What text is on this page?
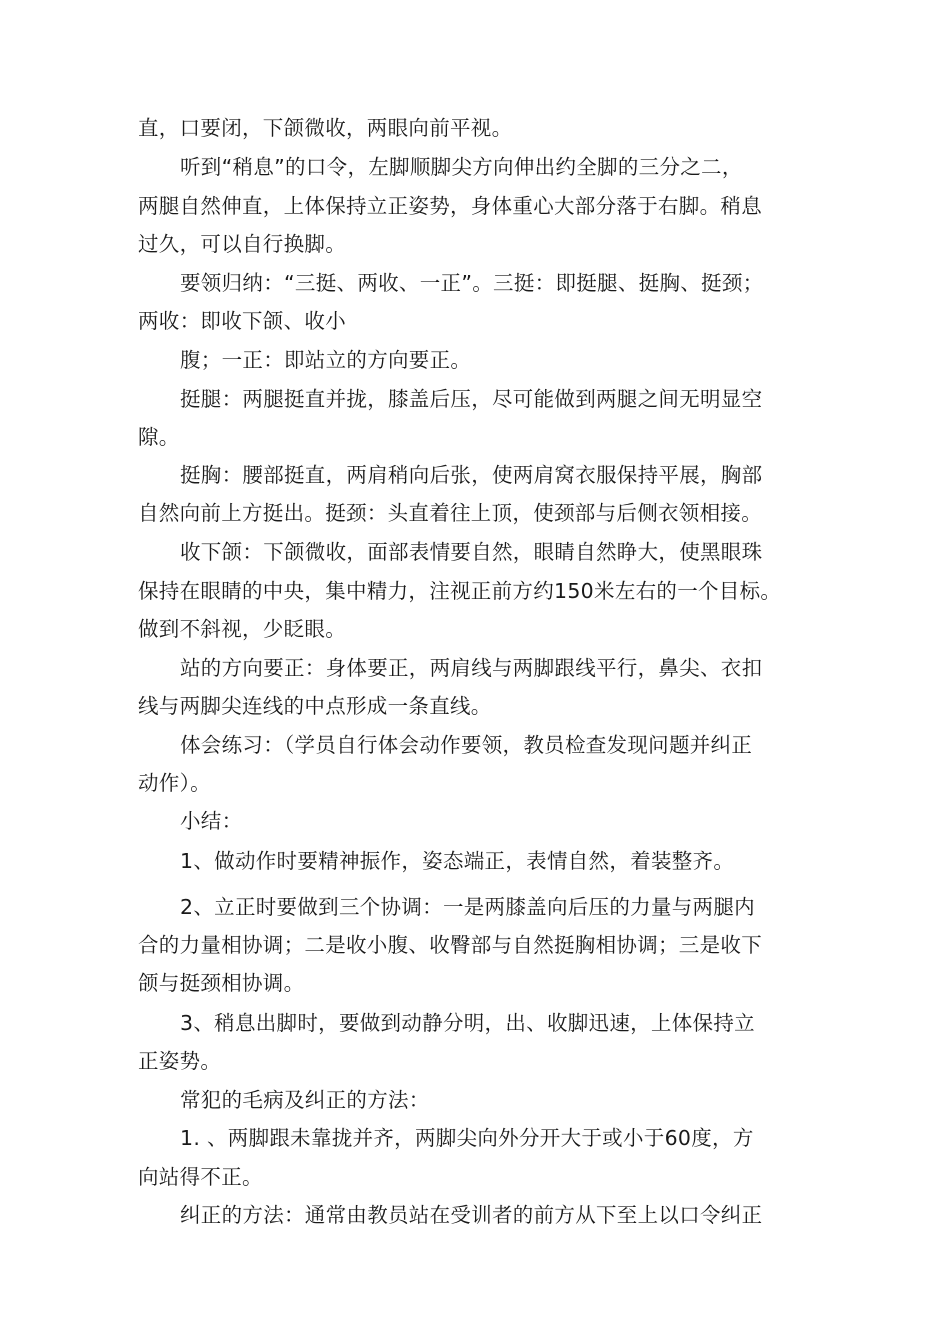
直，口要闭，下颌微收，两眼向前平视。
听到“稍息”的口令，左脚顺脚尖方向伸出约全脚的三分之二，
两腿自然伸直，上体保持立正姿势，身体重心大部分落于右脚。稍息
过久，可以自行换脚。
要领归纳：“三挺、两收、一正”。三挺：即挺腿、挺胸、挺颈；
两收：即收下颌、收小
腹；一正：即站立的方向要正。
挺腿：两腿挺直并拢，膝盖后压，尽可能做到两腿之间无明显空
隙。
挺胸：腰部挺直，两肩稍向后张，使两肩窝衣服保持平展，胸部
自然向前上方挺出。挺颈：头直着往上顶，使颈部与后侧衣领相接。
收下颌：下颌微收，面部表情要自然，眼睛自然睁大，使黑眼珠
保持在眼睛的中央，集中精力，注视正前方约150米左右的一个目标。
做到不斜视，少眨眼。
站的方向要正：身体要正，两肩线与两脚跟线平行，鼻尖、衣扣
线与两脚尖连线的中点形成一条直线。
体会练习：（学员自行体会动作要领，教员检查发现问题并纠正
动作）。
小结：
1、做动作时要精神振作，姿态端正，表情自然，着装整齐。
2、立正时要做到三个协调：一是两膝盖向后压的力量与两腿内
合的力量相协调；二是收小腹、收臀部与自然挺胸相协调；三是收下
颌与挺颈相协调。
3、稍息出脚时，要做到动静分明，出、收脚迅速，上体保持立
正姿势。
常犯的毛病及纠正的方法：
1. 、两脚跟未靠拢并齐，两脚尖向外分开大于或小于60度，方
向站得不正。
纠正的方法：通常由教员站在受训者的前方从下至上以口令纠正
